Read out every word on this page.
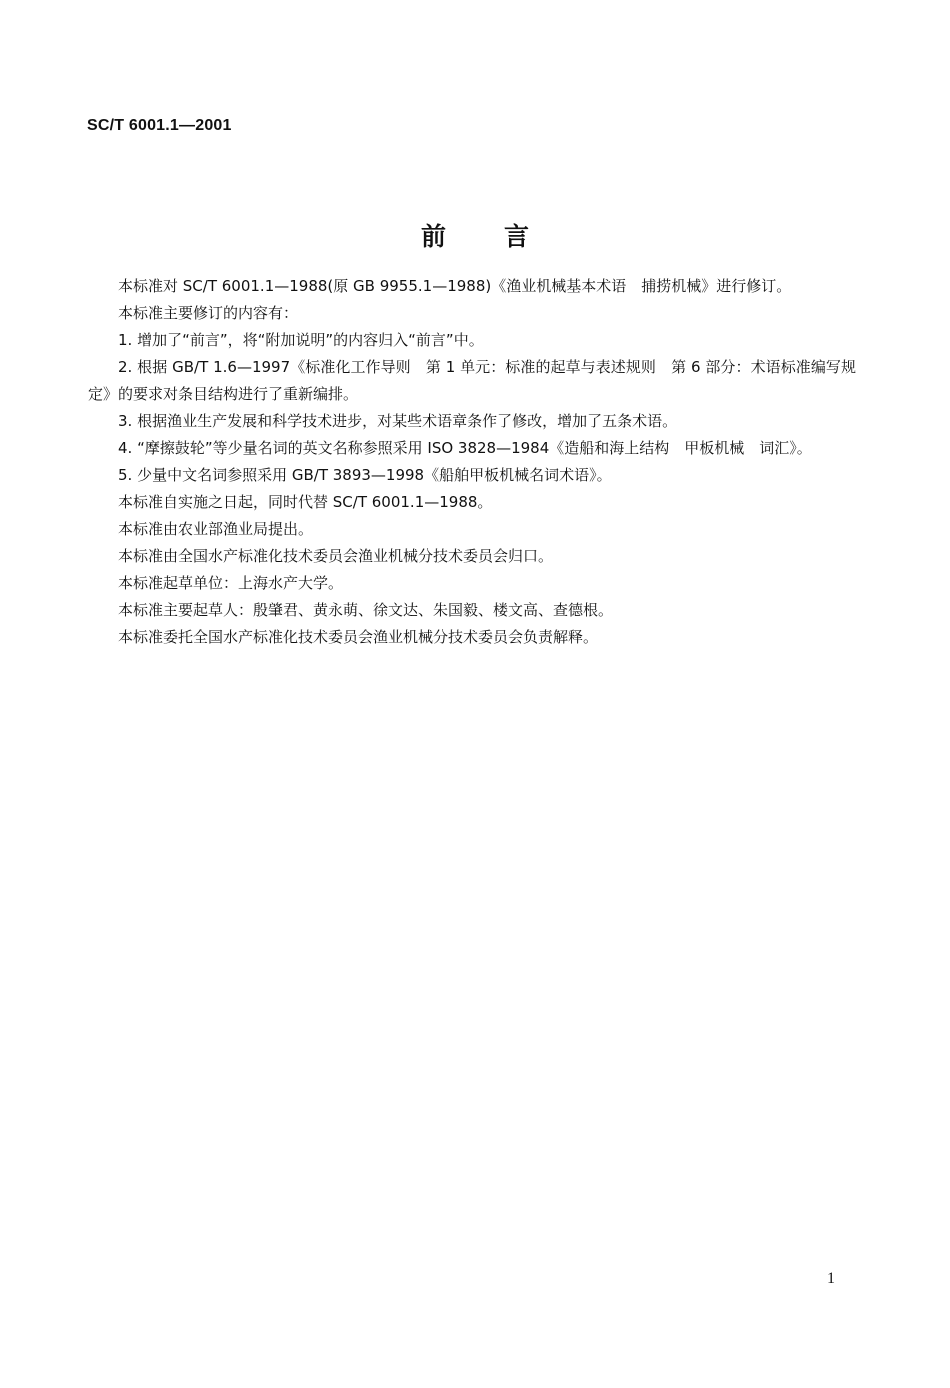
SC/T 6001.1—2001
前言

本标准对 SC/T 6001.1—1988(原 GB 9955.1—1988)《渔业机械基本术语　捕捞机械》进行修订。

本标准主要修订的内容有：

1. 增加了“前言”，将“附加说明”的内容归入“前言”中。

2. 根据 GB/T 1.6—1997《标准化工作导则　第 1 单元：标准的起草与表述规则　第 6 部分：术语标准编写规定》的要求对条目结构进行了重新编排。

3. 根据渔业生产发展和科学技术进步，对某些术语章条作了修改，增加了五条术语。

4. “摩擦鼓轮”等少量名词的英文名称参照采用 ISO 3828—1984《造船和海上结构　甲板机械　词汇》。

5. 少量中文名词参照采用 GB/T 3893—1998《船舶甲板机械名词术语》。

本标准自实施之日起，同时代替 SC/T 6001.1—1988。

本标准由农业部渔业局提出。

本标准由全国水产标准化技术委员会渔业机械分技术委员会归口。

本标准起草单位：上海水产大学。

本标准主要起草人：殷肇君、黄永萌、徐文达、朱国毅、楼文高、查德根。

本标准委托全国水产标准化技术委员会渔业机械分技术委员会负责解释。

1
